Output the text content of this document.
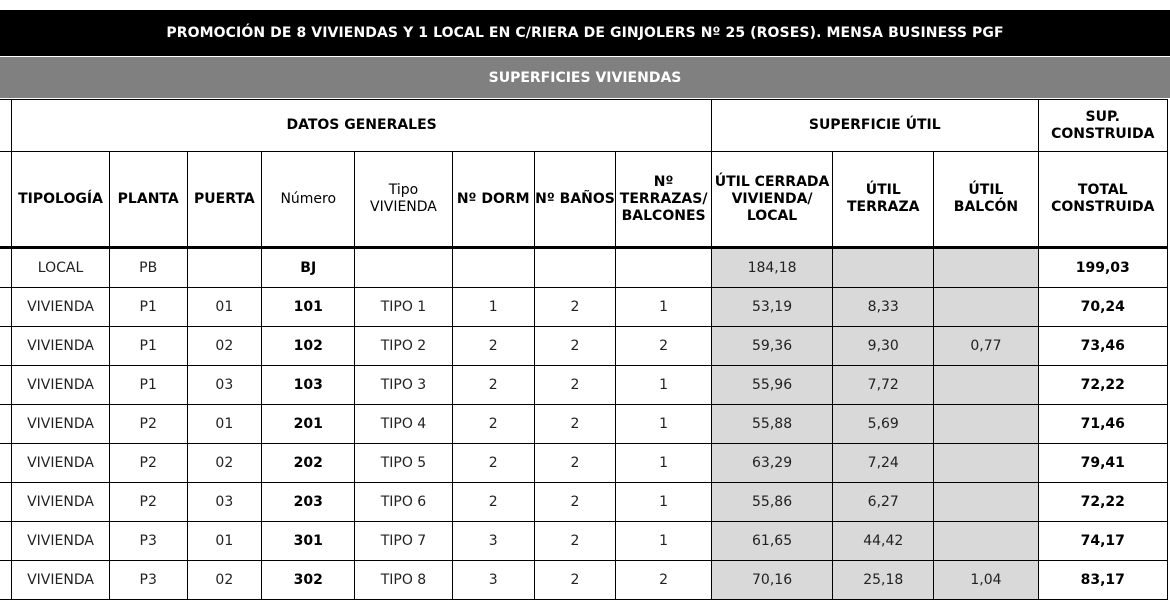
PROMOCIÓN DE 8 VIVIENDAS Y 1 LOCAL EN C/RIERA DE GINJOLERS Nº 25 (ROSES). MENSA BUSINESS PGF
SUPERFICIES VIVIENDAS
	DATOS GENERALES								SUPERFICIE ÚTIL			SUP. CONSTRUIDA
	TIPOLOGÍA	PLANTA	PUERTA	Número	Tipo VIVIENDA	Nº DORM	Nº BAÑOS	Nº TERRAZAS/ BALCONES	ÚTIL CERRADA VIVIENDA/ LOCAL	ÚTIL TERRAZA	ÚTIL BALCÓN	TOTAL CONSTRUIDA
	LOCAL	PB		BJ					184,18			199,03
	VIVIENDA	P1	01	101	TIPO 1	1	2	1	53,19	8,33		70,24
	VIVIENDA	P1	02	102	TIPO 2	2	2	2	59,36	9,30	0,77	73,46
	VIVIENDA	P1	03	103	TIPO 3	2	2	1	55,96	7,72		72,22
	VIVIENDA	P2	01	201	TIPO 4	2	2	1	55,88	5,69		71,46
	VIVIENDA	P2	02	202	TIPO 5	2	2	1	63,29	7,24		79,41
	VIVIENDA	P2	03	203	TIPO 6	2	2	1	55,86	6,27		72,22
	VIVIENDA	P3	01	301	TIPO 7	3	2	1	61,65	44,42		74,17
	VIVIENDA	P3	02	302	TIPO 8	3	2	2	70,16	25,18	1,04	83,17
